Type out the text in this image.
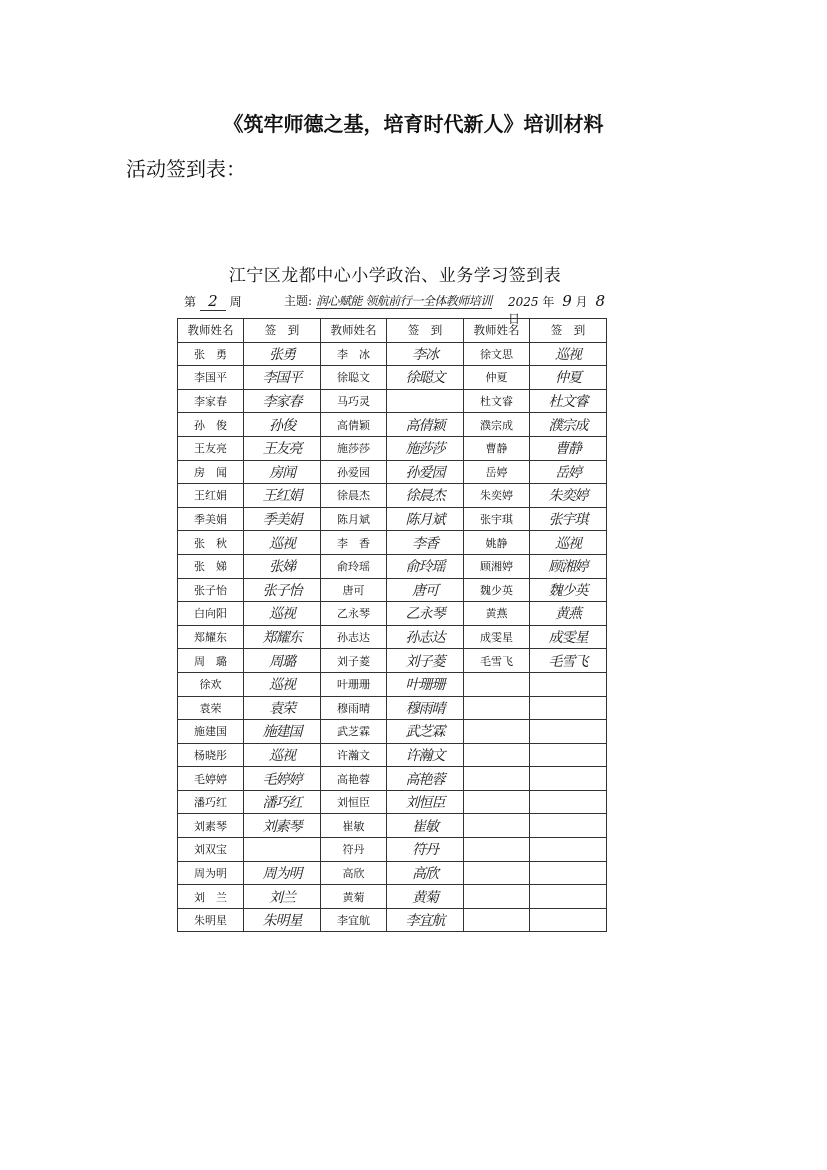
《筑牢师德之基，培育时代新人》培训材料
活动签到表：
江宁区龙都中心小学政治、业务学习签到表
第 2 周	主题: 润心赋能 领航前行一全体教师培训 2025 年 9 月 8 日
教师姓名	签　到	教师姓名	签　到	教师姓名	签　到
张　勇	张勇	李　冰	李冰	徐文思	巡视
李国平	李国平	徐聪文	徐聪文	仲夏	仲夏
李家春	李家春	马巧灵		杜文睿	杜文睿
孙　俊	孙俊	高倩颖	高倩颖	濮宗成	濮宗成
王友亮	王友亮	施莎莎	施莎莎	曹静	曹静
房　闻	房闻	孙爱园	孙爱园	岳婷	岳婷
王红娟	王红娟	徐晨杰	徐晨杰	朱奕婷	朱奕婷
季美娟	季美娟	陈月斌	陈月斌	张宇琪	张宇琪
张　秋	巡视	李　香	李香	姚静	巡视
张　娣	张娣	俞玲瑶	俞玲瑶	顾湘婷	顾湘婷
张子怡	张子怡	唐可	唐可	魏少英	魏少英
白向阳	巡视	乙永琴	乙永琴	黄燕	黄燕
郑耀东	郑耀东	孙志达	孙志达	成雯星	成雯星
周　璐	周璐	刘子菱	刘子菱	毛雪飞	毛雪飞
徐欢	巡视	叶珊珊	叶珊珊		
袁荣	袁荣	穆雨晴	穆雨晴		
施建国	施建国	武芝霖	武芝霖		
杨晓彤	巡视	许瀚文	许瀚文		
毛婷婷	毛婷婷	高艳蓉	高艳蓉		
潘巧红	潘巧红	刘恒臣	刘恒臣		
刘素琴	刘素琴	崔敏	崔敏		
刘双宝		符丹	符丹		
周为明	周为明	高欣	高欣		
刘　兰	刘兰	黄菊	黄菊		
朱明星	朱明星	李宜航	李宜航		
